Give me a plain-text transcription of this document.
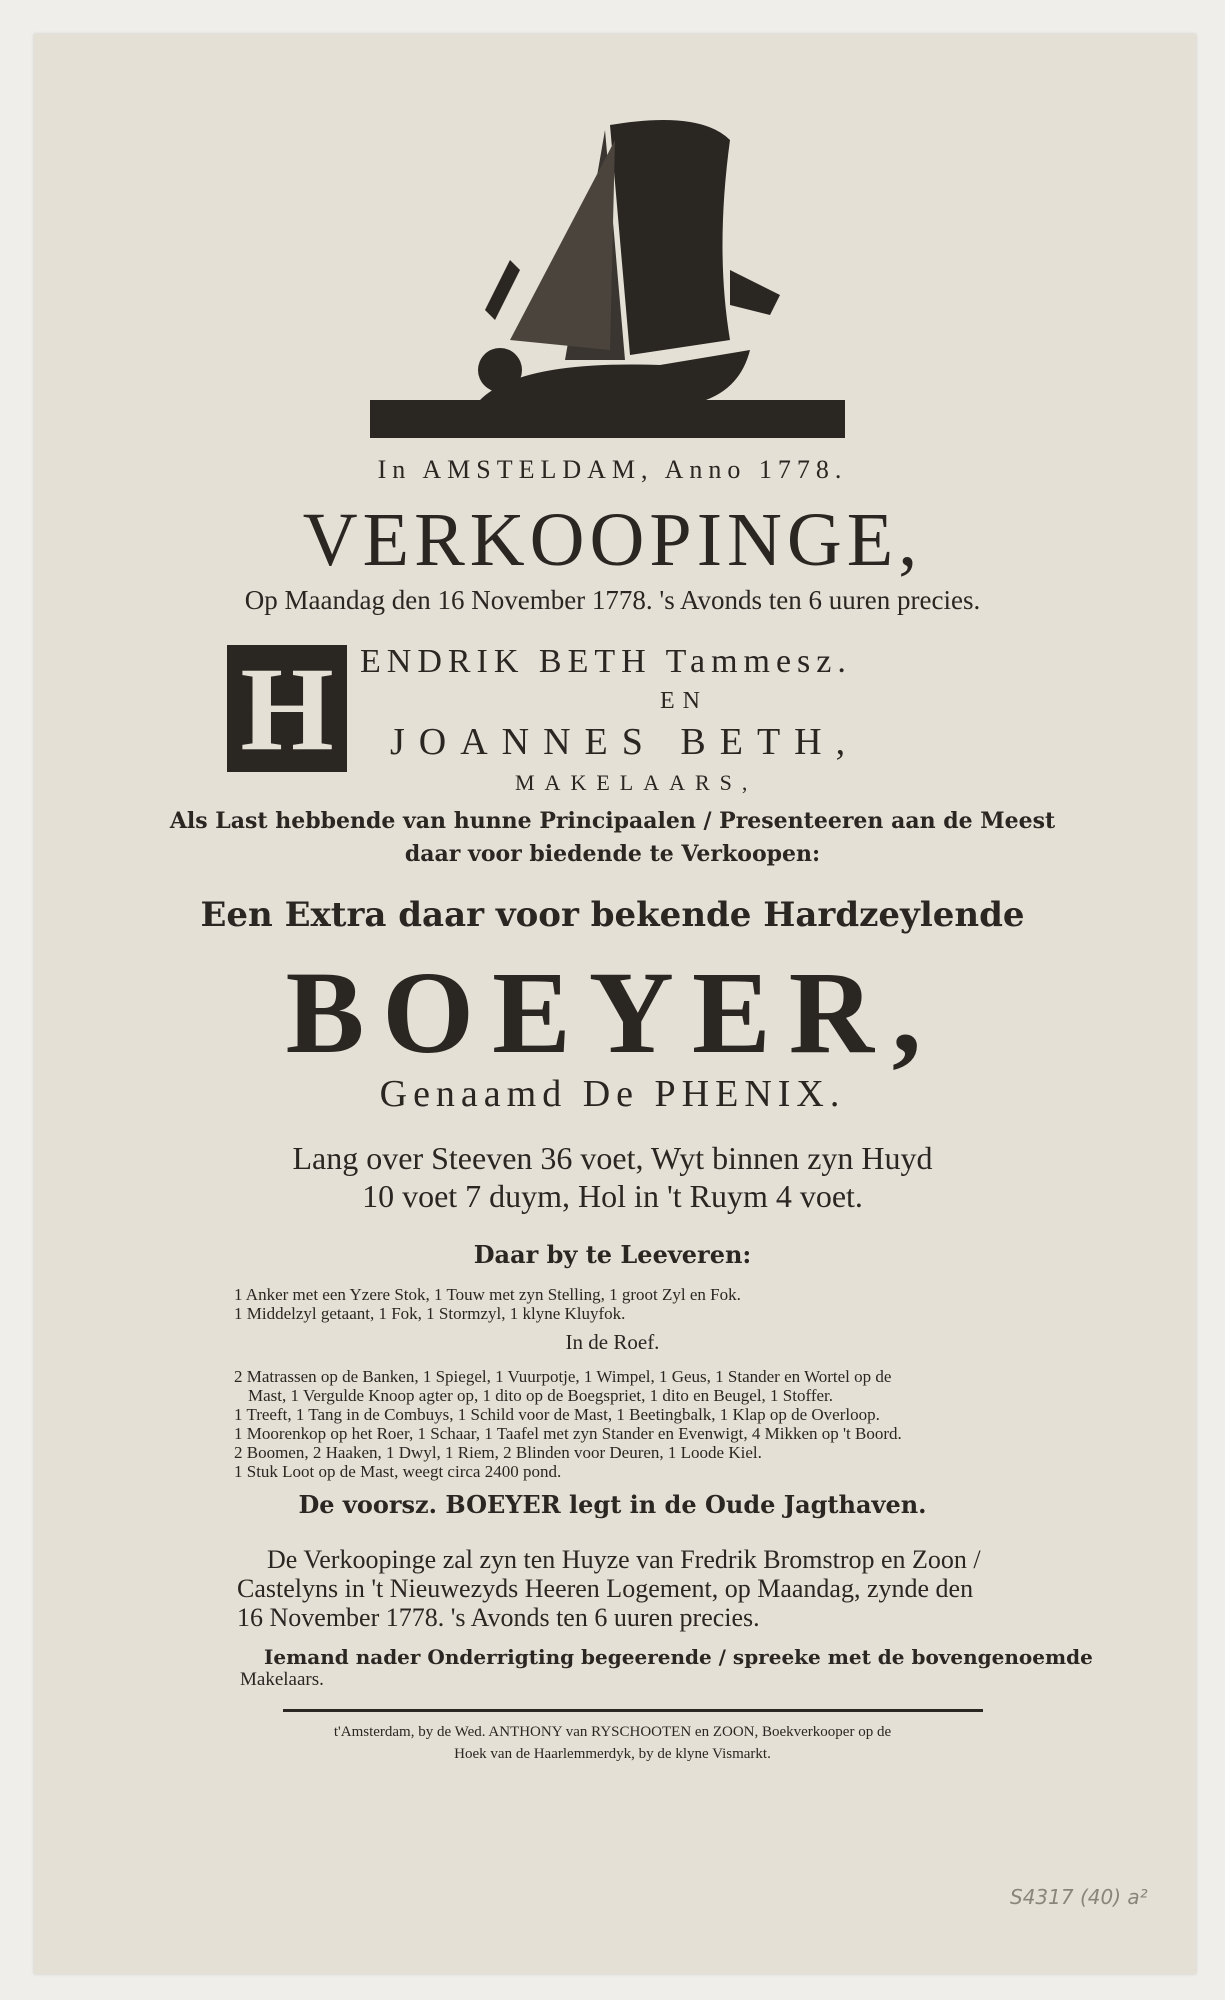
In AMSTELDAM, Anno 1778.
VERKOOPINGE,
Op Maandag den 16 November 1778. 's Avonds ten 6 uuren precies.
H ENDRIK BETH Tammesz.
EN
JOANNES BETH,
MAKELAARS,
Als Last hebbende van hunne Principaalen / Presenteeren aan de Meest
daar voor biedende te Verkoopen:
Een Extra daar voor bekende Hardzeylende
BOEYER,
Genaamd De PHENIX.
Lang over Steeven 36 voet, Wyt binnen zyn Huyd
10 voet 7 duym, Hol in 't Ruym 4 voet.
Daar by te Leeveren:
1 Anker met een Yzere Stok, 1 Touw met zyn Stelling, 1 groot Zyl en Fok.
1 Middelzyl getaant, 1 Fok, 1 Stormzyl, 1 klyne Kluyfok.
In de Roef.
2 Matrassen op de Banken, 1 Spiegel, 1 Vuurpotje, 1 Wimpel, 1 Geus, 1 Stander en Wortel op de
Mast, 1 Vergulde Knoop agter op, 1 dito op de Boegspriet, 1 dito en Beugel, 1 Stoffer.
1 Treeft, 1 Tang in de Combuys, 1 Schild voor de Mast, 1 Beetingbalk, 1 Klap op de Overloop.
1 Moorenkop op het Roer, 1 Schaar, 1 Taafel met zyn Stander en Evenwigt, 4 Mikken op 't Boord.
2 Boomen, 2 Haaken, 1 Dwyl, 1 Riem, 2 Blinden voor Deuren, 1 Loode Kiel.
1 Stuk Loot op de Mast, weegt circa 2400 pond.
De voorsz. BOEYER legt in de Oude Jagthaven.
De Verkoopinge zal zyn ten Huyze van Fredrik Bromstrop en Zoon /
Castelyns in 't Nieuwezyds Heeren Logement, op Maandag, zynde den
16 November 1778. 's Avonds ten 6 uuren precies.
Iemand nader Onderrigting begeerende / spreeke met de bovengenoemde
Makelaars.
t'Amsterdam, by de Wed. ANTHONY van RYSCHOOTEN en ZOON, Boekverkooper op de
Hoek van de Haarlemmerdyk, by de klyne Vismarkt.
S4317 (40) a²
